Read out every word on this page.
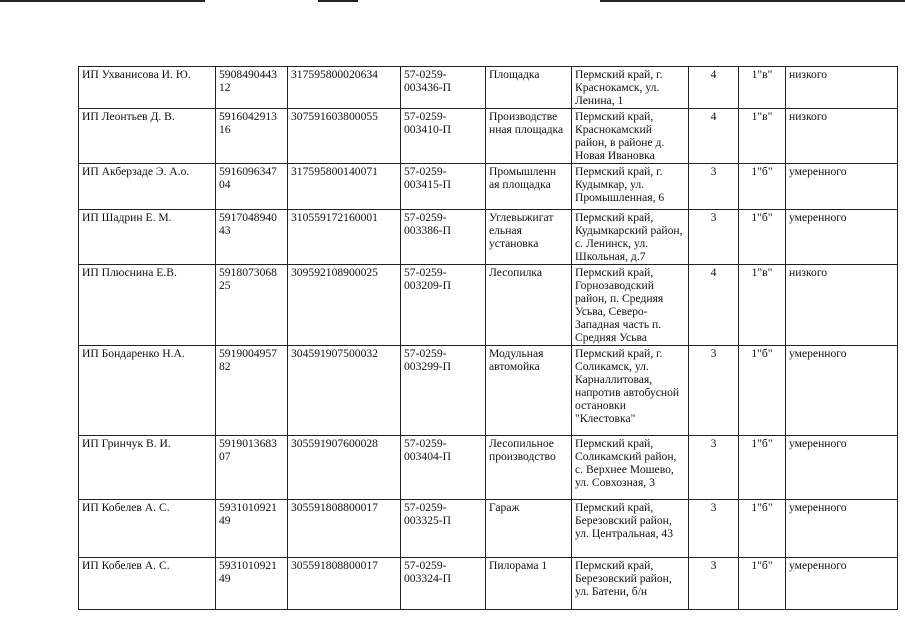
ИП Ухванисова И. Ю.	5908490443 12	317595800020634	57-0259- 003436-П	Площадка	Пермский край, г. Краснокамск, ул. Ленина, 1	4	1"в"	низкого

ИП Леонтьев Д. В.	5916042913 16	307591603800055	57-0259- 003410-П	Производстве нная площадка	Пермский край, Краснокамский район, в районе д. Новая Ивановка	4	1"в"	низкого

ИП Акберзаде Э. А.о.	5916096347 04	317595800140071	57-0259- 003415-П	Промышленн ая площадка	Пермский край, г. Кудымкар, ул. Промышленная, 6	3	1"б"	умеренного

ИП Шадрин Е. М.	5917048940 43	310559172160001	57-0259- 003386-П	Углевыжигат ельная установка	Пермский край, Кудымкарский район, с. Ленинск, ул. Школьная, д.7	3	1"б"	умеренного

ИП Плюснина Е.В.	5918073068 25	309592108900025	57-0259- 003209-П	Лесопилка	Пермский край, Горнозаводский район, п. Средняя Усьва, Северо-Западная часть п. Средняя Усьва	4	1"в"	низкого

ИП Бондаренко Н.А.	5919004957 82	304591907500032	57-0259- 003299-П	Модульная автомойка	Пермский край, г. Соликамск, ул. Карналлитовая, напротив автобусной остановки "Клестовка"	3	1"б"	умеренного

ИП Гринчук В. И.	5919013683 07	305591907600028	57-0259- 003404-П	Лесопильное производство	Пермский край, Соликамский район, с. Верхнее Мошево, ул. Совхозная, 3	3	1"б"	умеренного

ИП Кобелев А. С.	5931010921 49	305591808800017	57-0259- 003325-П	Гараж	Пермский край, Березовский район, ул. Центральная, 43	3	1"б"	умеренного

ИП Кобелев А. С.	5931010921 49	305591808800017	57-0259- 003324-П	Пилорама 1	Пермский край, Березовский район, ул. Батени, б/н	3	1"б"	умеренного
